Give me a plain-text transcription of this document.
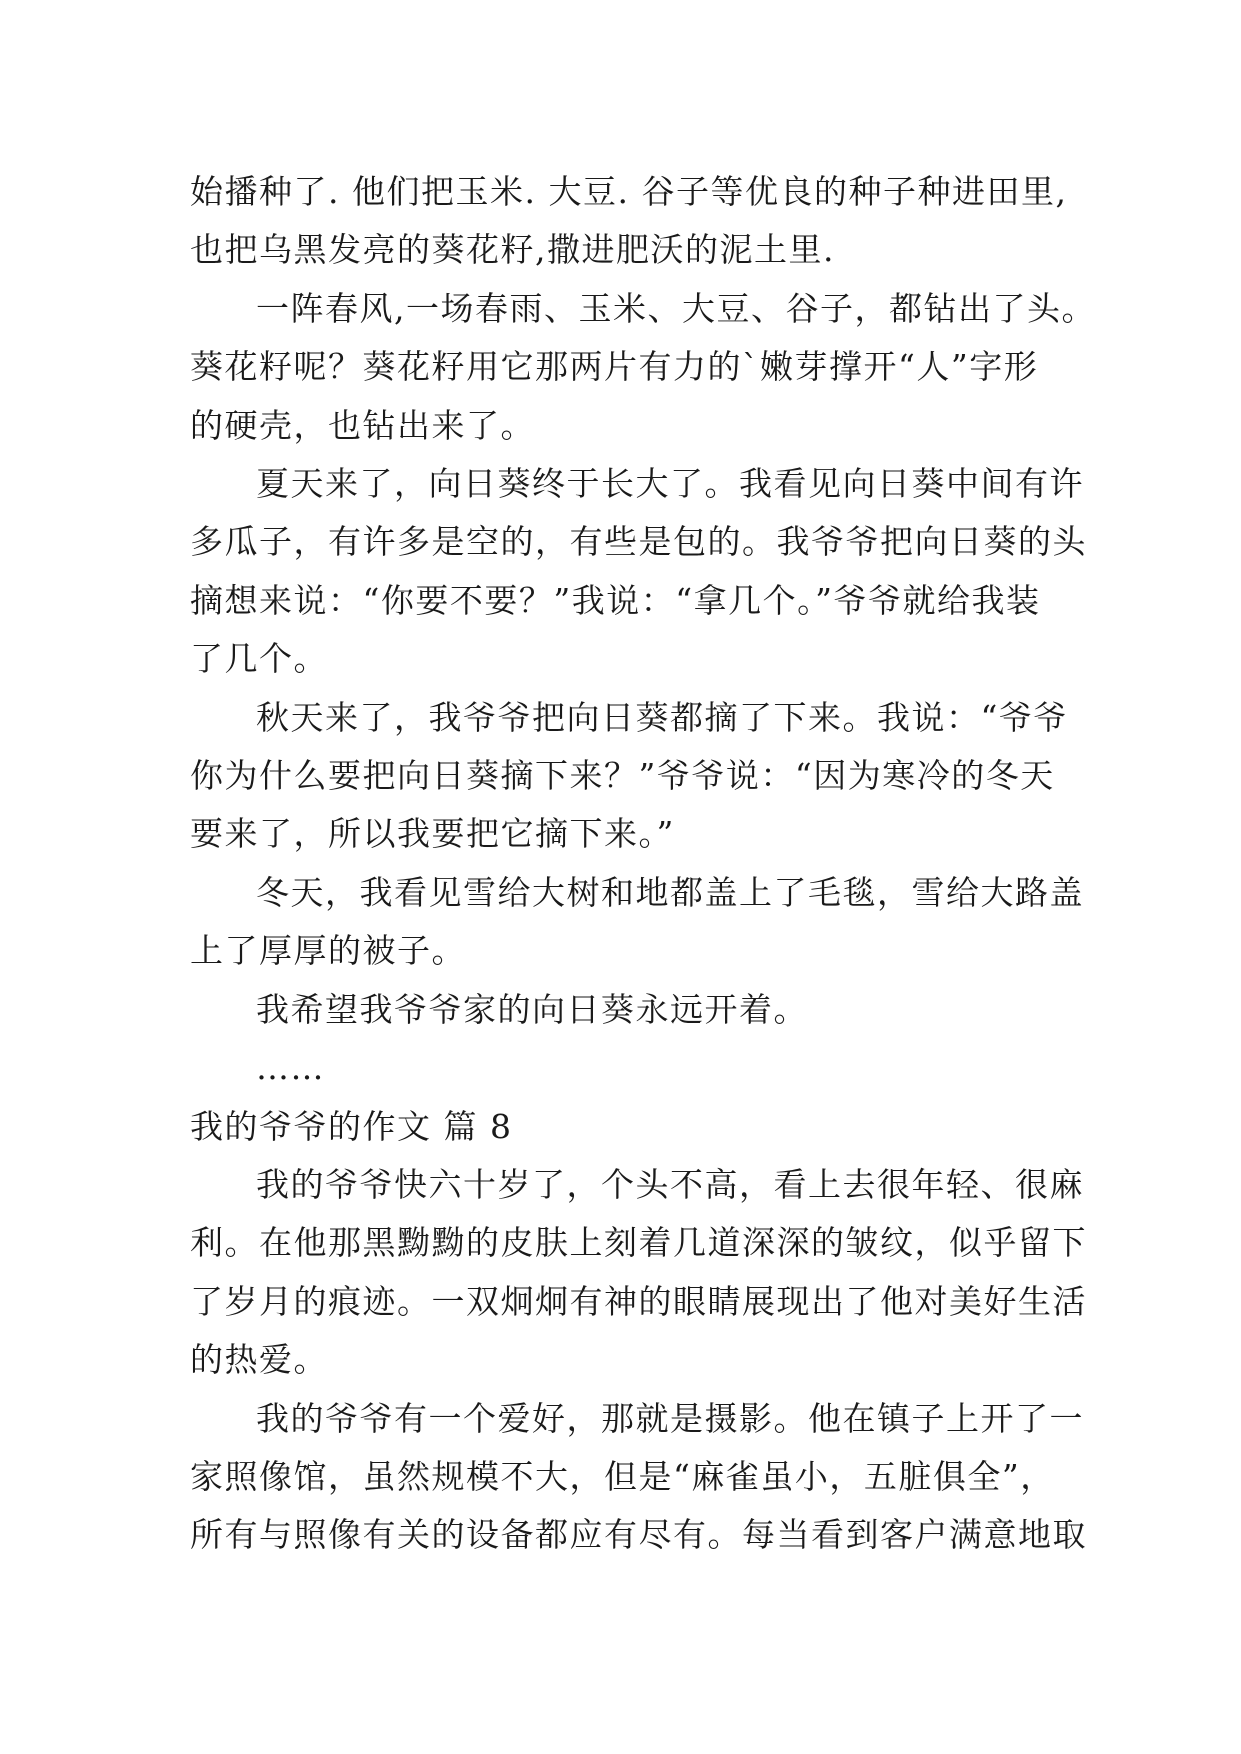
始播种了. 他们把玉米. 大豆. 谷子等优良的种子种进田里,
也把乌黑发亮的葵花籽,撒进肥沃的泥土里.
一阵春风,一场春雨、玉米、大豆、谷子，都钻出了头。
葵花籽呢？葵花籽用它那两片有力的`嫩芽撑开“人”字形
的硬壳，也钻出来了。
夏天来了，向日葵终于长大了。我看见向日葵中间有许
多瓜子，有许多是空的，有些是包的。我爷爷把向日葵的头
摘想来说：“你要不要？”我说：“拿几个。”爷爷就给我装
了几个。
秋天来了，我爷爷把向日葵都摘了下来。我说：“爷爷
你为什么要把向日葵摘下来？”爷爷说：“因为寒冷的冬天
要来了，所以我要把它摘下来。”
冬天，我看见雪给大树和地都盖上了毛毯，雪给大路盖
上了厚厚的被子。
我希望我爷爷家的向日葵永远开着。
……
我的爷爷的作文 篇 8
我的爷爷快六十岁了，个头不高，看上去很年轻、很麻
利。在他那黑黝黝的皮肤上刻着几道深深的皱纹，似乎留下
了岁月的痕迹。一双炯炯有神的眼睛展现出了他对美好生活
的热爱。
我的爷爷有一个爱好，那就是摄影。他在镇子上开了一
家照像馆，虽然规模不大，但是“麻雀虽小，五脏俱全”，
所有与照像有关的设备都应有尽有。每当看到客户满意地取
